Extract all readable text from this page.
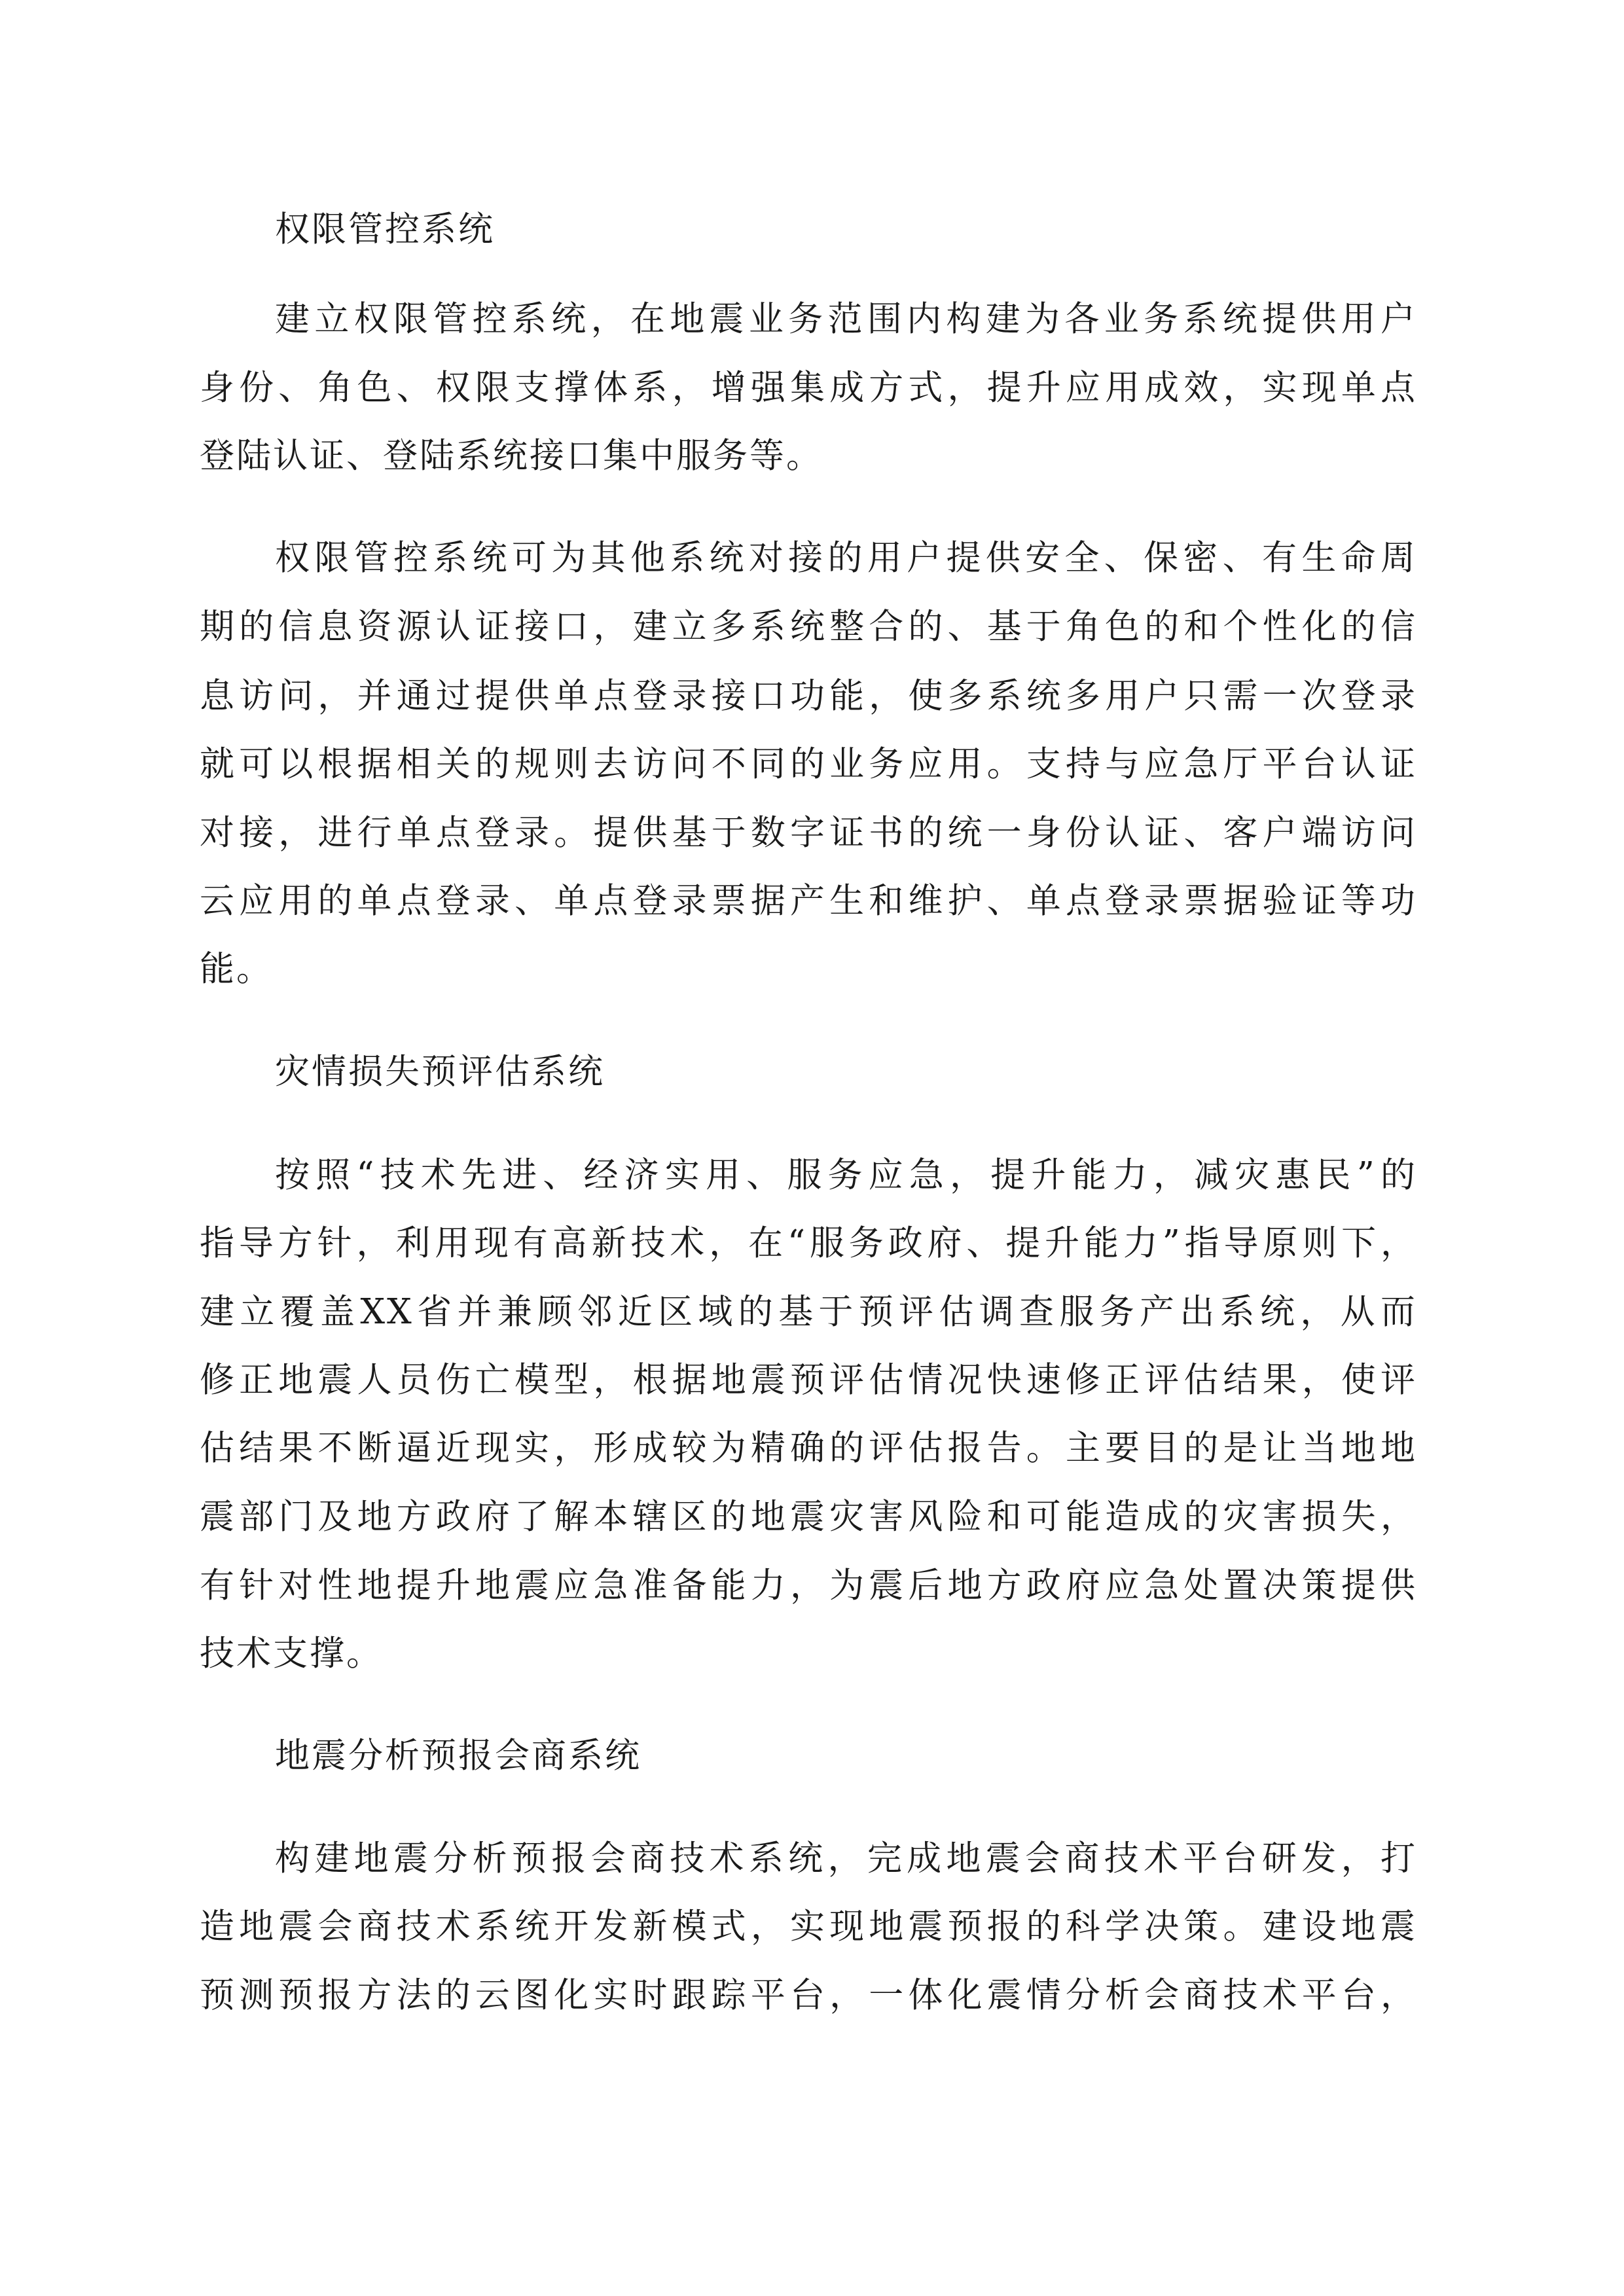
权限管控系统
建立权限管控系统，在地震业务范围内构建为各业务系统提供用户
身份、角色、权限支撑体系，增强集成方式，提升应用成效，实现单点
登陆认证、登陆系统接口集中服务等。
权限管控系统可为其他系统对接的用户提供安全、保密、有生命周
期的信息资源认证接口，建立多系统整合的、基于角色的和个性化的信
息访问，并通过提供单点登录接口功能，使多系统多用户只需一次登录
就可以根据相关的规则去访问不同的业务应用。支持与应急厅平台认证
对接，进行单点登录。提供基于数字证书的统一身份认证、客户端访问
云应用的单点登录、单点登录票据产生和维护、单点登录票据验证等功
能。
灾情损失预评估系统
按照“技术先进、经济实用、服务应急，提升能力，减灾惠民”的
指导方针，利用现有高新技术，在“服务政府、提升能力”指导原则下，
建立覆盖XX省并兼顾邻近区域的基于预评估调查服务产出系统，从而
修正地震人员伤亡模型，根据地震预评估情况快速修正评估结果，使评
估结果不断逼近现实，形成较为精确的评估报告。主要目的是让当地地
震部门及地方政府了解本辖区的地震灾害风险和可能造成的灾害损失，
有针对性地提升地震应急准备能力，为震后地方政府应急处置决策提供
技术支撑。
地震分析预报会商系统
构建地震分析预报会商技术系统，完成地震会商技术平台研发，打
造地震会商技术系统开发新模式，实现地震预报的科学决策。建设地震
预测预报方法的云图化实时跟踪平台，一体化震情分析会商技术平台，
